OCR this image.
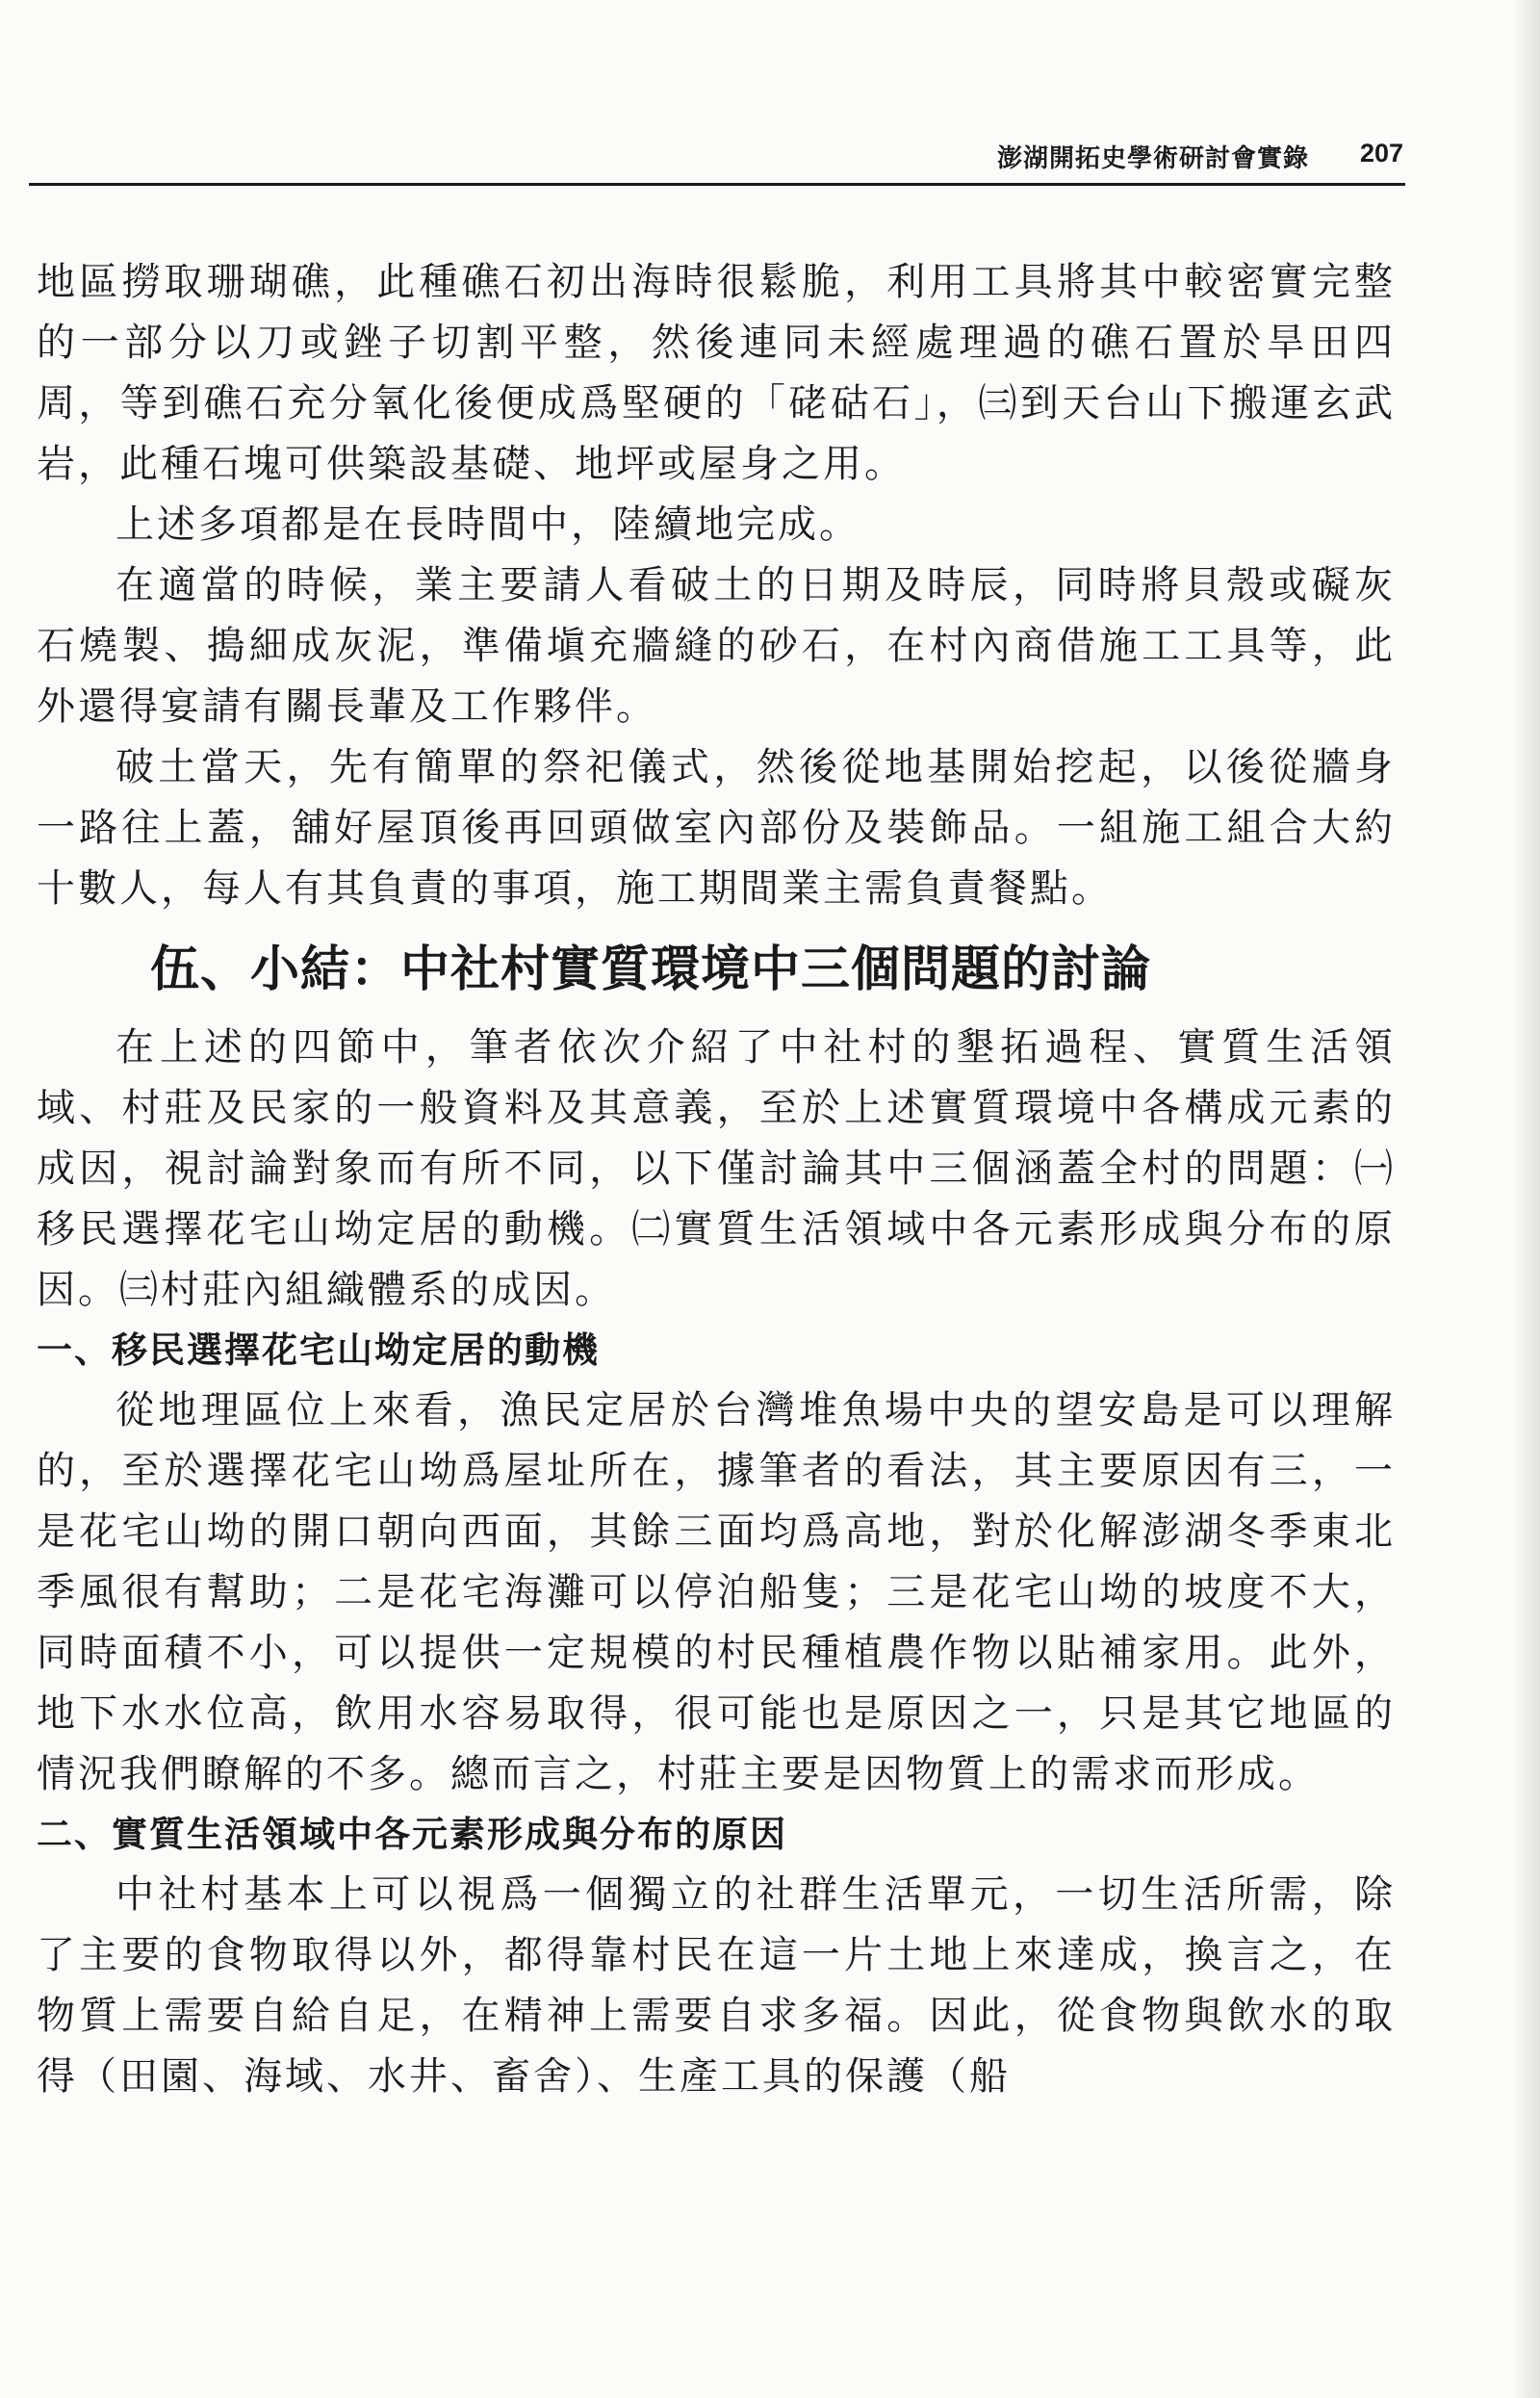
澎湖開拓史學術研討會實錄 207

地區撈取珊瑚礁，此種礁石初出海時很鬆脆，利用工具將其中較密實完整的一部分以刀或銼子切割平整，然後連同未經處理過的礁石置於旱田四周，等到礁石充分氧化後便成爲堅硬的「硓𥑮石」，㈢到天台山下搬運玄武岩，此種石塊可供築設基礎、地坪或屋身之用。

上述多項都是在長時間中，陸續地完成。

在適當的時候，業主要請人看破土的日期及時辰，同時將貝殼或礙灰石燒製、搗細成灰泥，準備塡充牆縫的砂石，在村內商借施工工具等，此外還得宴請有關長輩及工作夥伴。

破土當天，先有簡單的祭祀儀式，然後從地基開始挖起，以後從牆身一路往上蓋，舖好屋頂後再回頭做室內部份及裝飾品。一組施工組合大約十數人，每人有其負責的事項，施工期間業主需負責餐點。

伍、小結：中社村實質環境中三個問題的討論

在上述的四節中，筆者依次介紹了中社村的墾拓過程、實質生活領域、村莊及民家的一般資料及其意義，至於上述實質環境中各構成元素的成因，視討論對象而有所不同，以下僅討論其中三個涵蓋全村的問題：㈠移民選擇花宅山坳定居的動機。㈡實質生活領域中各元素形成與分布的原因。㈢村莊內組織體系的成因。

一、移民選擇花宅山坳定居的動機

從地理區位上來看，漁民定居於台灣堆魚場中央的望安島是可以理解的，至於選擇花宅山坳爲屋址所在，據筆者的看法，其主要原因有三，一是花宅山坳的開口朝向西面，其餘三面均爲高地，對於化解澎湖冬季東北季風很有幫助；二是花宅海灘可以停泊船隻；三是花宅山坳的坡度不大，同時面積不小，可以提供一定規模的村民種植農作物以貼補家用。此外，地下水水位高，飲用水容易取得，很可能也是原因之一，只是其它地區的情況我們瞭解的不多。總而言之，村莊主要是因物質上的需求而形成。

二、實質生活領域中各元素形成與分布的原因

中社村基本上可以視爲一個獨立的社群生活單元，一切生活所需，除了主要的食物取得以外，都得靠村民在這一片土地上來達成，換言之，在物質上需要自給自足，在精神上需要自求多福。因此，從食物與飲水的取得（田園、海域、水井、畜舍）、生產工具的保護（船
